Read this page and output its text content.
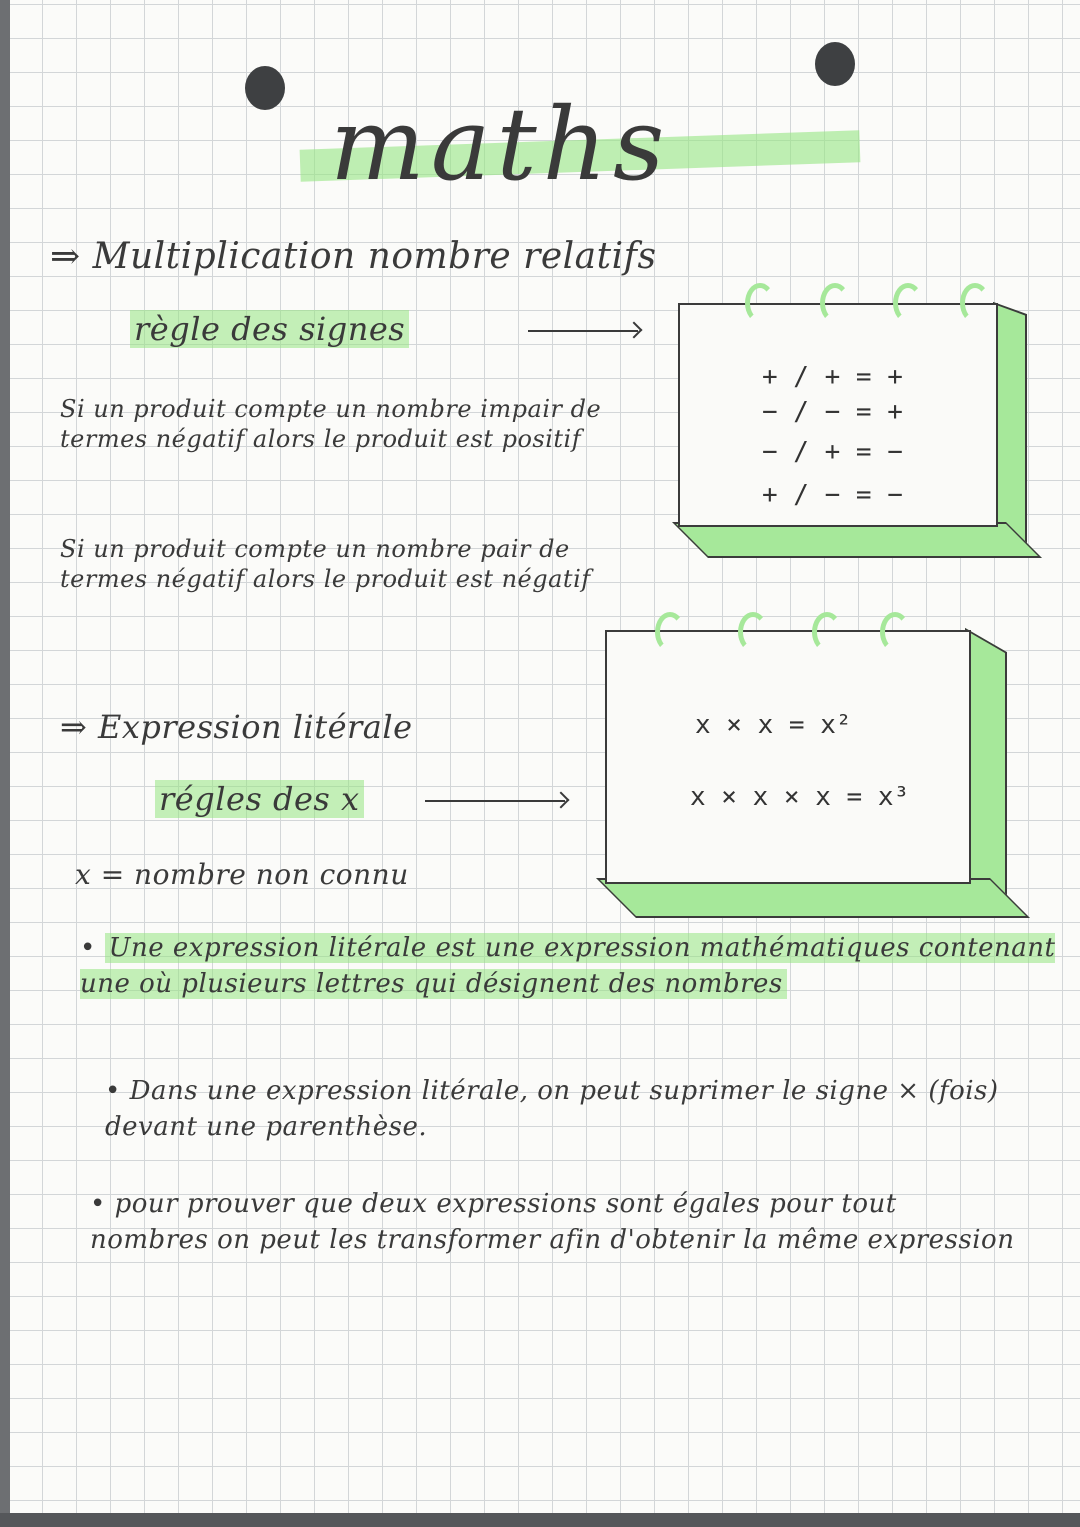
maths
⇒ Multiplication nombre relatifs
règle des signes
Si un produit compte un nombre impair de termes négatif alors le produit est positif
Si un produit compte un nombre pair de termes négatif alors le produit est négatif
+ / + = +
− / − = +
− / + = −
+ / − = −
⇒ Expression litérale
régles des x
x = nombre non connu
x × x = x²
x × x × x = x³
• Une expression litérale est une expression mathématiques contenant une où plusieurs lettres qui désignent des nombres
• Dans une expression litérale, on peut suprimer le signe × (fois) devant une parenthèse.
• pour prouver que deux expressions sont égales pour tout nombres on peut les transformer afin d'obtenir la même expression
